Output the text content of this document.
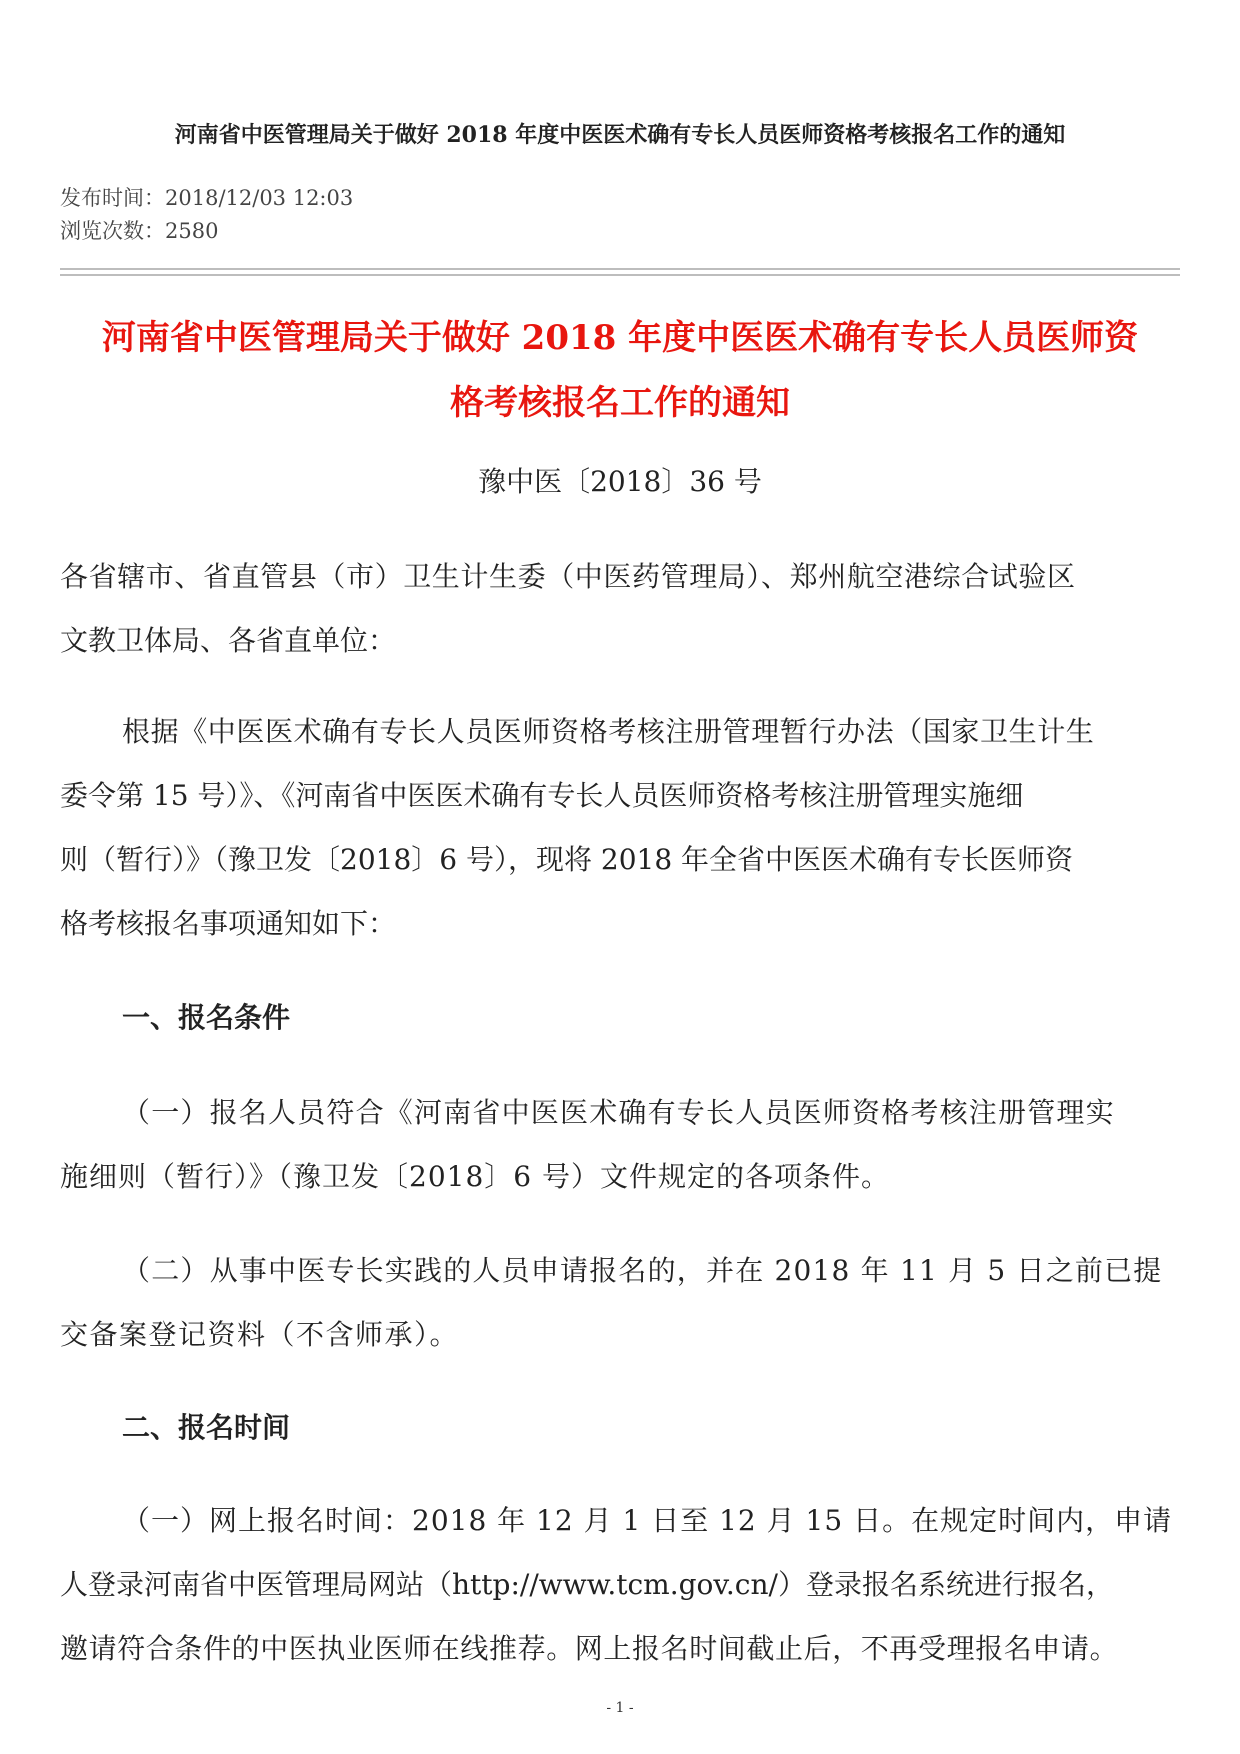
河南省中医管理局关于做好 2018 年度中医医术确有专长人员医师资格考核报名工作的通知
发布时间：2018/12/03 12:03
浏览次数：2580
河南省中医管理局关于做好 2018 年度中医医术确有专长人员医师资
格考核报名工作的通知
豫中医〔2018〕36 号
各省辖市、省直管县（市）卫生计生委（中医药管理局）、郑州航空港综合试验区
文教卫体局、各省直单位：
根据《中医医术确有专长人员医师资格考核注册管理暂行办法（国家卫生计生
委令第 15 号）》、《河南省中医医术确有专长人员医师资格考核注册管理实施细
则（暂行）》（豫卫发〔2018〕6 号），现将 2018 年全省中医医术确有专长医师资
格考核报名事项通知如下：
一、报名条件
（一）报名人员符合《河南省中医医术确有专长人员医师资格考核注册管理实
施细则（暂行）》（豫卫发〔2018〕6 号）文件规定的各项条件。
（二）从事中医专长实践的人员申请报名的，并在 2018 年 11 月 5 日之前已提
交备案登记资料（不含师承）。
二、报名时间
（一）网上报名时间：2018 年 12 月 1 日至 12 月 15 日。在规定时间内，申请
人登录河南省中医管理局网站（http://www.tcm.gov.cn/）登录报名系统进行报名，
邀请符合条件的中医执业医师在线推荐。网上报名时间截止后，不再受理报名申请。
- 1 -
